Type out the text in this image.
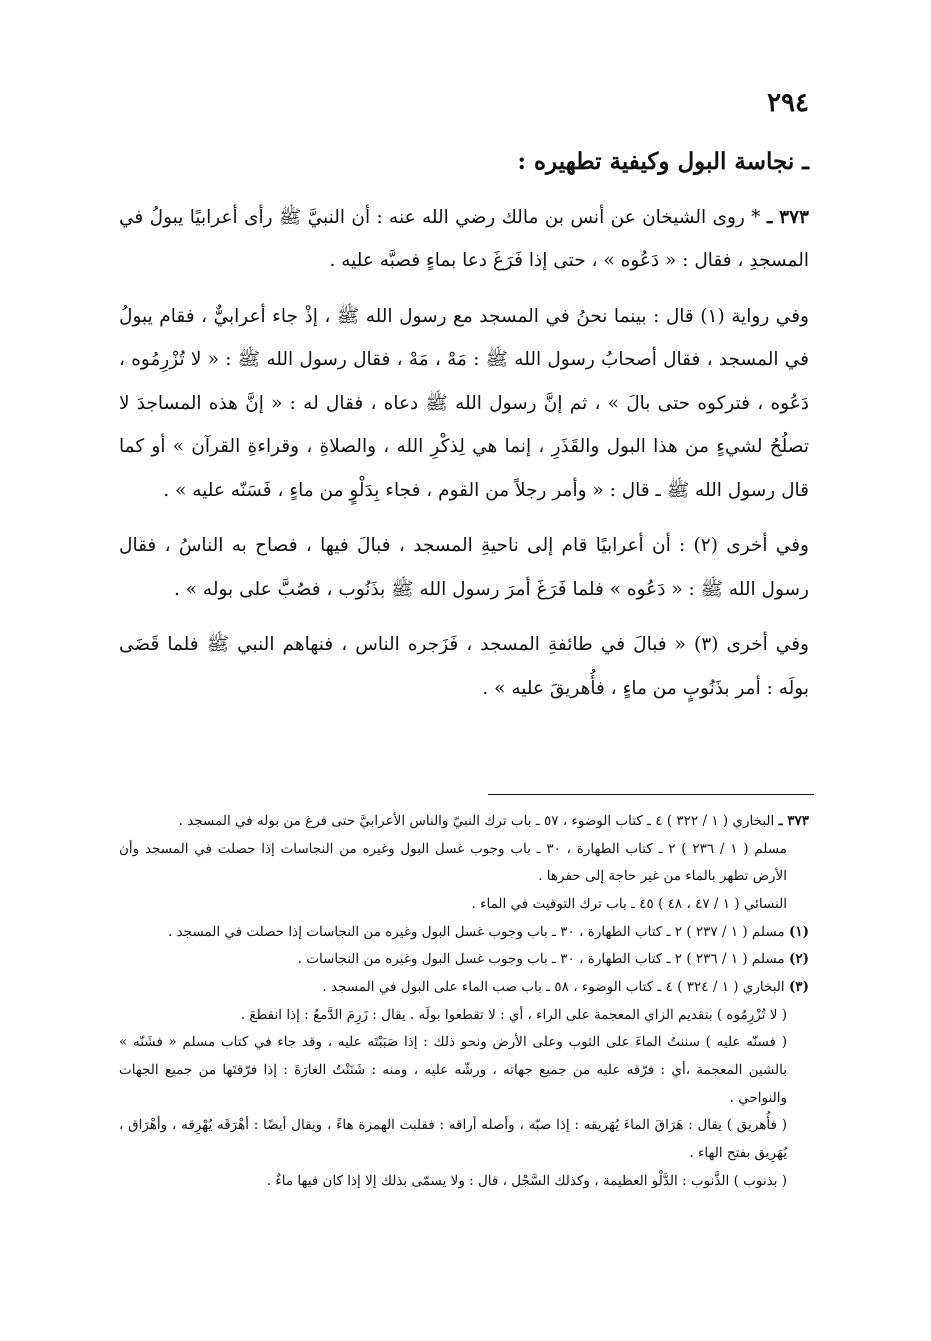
٢٩٤
ـ نجاسة البول وكيفية تطهيره :

٣٧٣ ـ * روى الشيخان عن أنس بن مالك رضي الله عنه : أن النبيَّ ﷺ رأى أعرابيًا يبولُ في المسجدِ ، فقال : « دَعُوه » ، حتى إذا فَرَغَ دعا بماءٍ فصبَّه عليه .

وفي رواية (١) قال : بينما نحنُ في المسجد مع رسول الله ﷺ ، إذْ جاء أعرابيٌّ ، فقام يبولُ في المسجد ، فقال أصحابُ رسول الله ﷺ : مَهْ ، مَهْ ، فقال رسول الله ﷺ : « لا تُزْرِمُوه ، دَعُوه ، فتركوه حتى بالَ » ، ثم إنَّ رسول الله ﷺ دعاه ، فقال له : « إنَّ هذه المساجدَ لا تصلُحُ لشيءٍ من هذا البول والقَذَرِ ، إنما هي لِذكْرِ الله ، والصلاةِ ، وقراءةِ القرآن » أو كما قال رسول الله ﷺ ـ قال : « وأمر رجلاً من القوم ، فجاء بِدَلْوٍ من ماءٍ ، فَسَنّه عليه » .

وفي أخرى (٢) : أن أعرابيًا قام إلى ناحيةِ المسجد ، فبالَ فيها ، فصاح به الناسُ ، فقال رسول الله ﷺ : « دَعُوه » فلما فَرَغَ أمرَ رسول الله ﷺ بذَنُوب ، فصُبَّ على بوله » .

وفي أخرى (٣) « فبالَ في طائفةِ المسجد ، فَزَجره الناس ، فنهاهم النبي ﷺ فلما قَضَى بولَه : أمر بذَنُوبٍ من ماءٍ ، فأُهريقَ عليه » .

٣٧٣ ـ البخاري ( ١ / ٣٢٢ ) ٤ ـ كتاب الوضوء ، ٥٧ ـ باب ترك النبيّ والناس الأعرابيَّ حتى فرغ من بوله في المسجد .

مسلم ( ١ / ٢٣٦ ) ٢ ـ كتاب الطهارة ، ٣٠ ـ باب وجوب غسل البول وغيره من النجاسات إذا حصلت في المسجد وأن الأرض تطهر بالماء من غير حاجة إلى حفرها .

النسائي ( ١ / ٤٧ ، ٤٨ ) ٤٥ ـ باب ترك التوقيت في الماء .

(١) مسلم ( ١ / ٢٣٧ ) ٢ ـ كتاب الطهارة ، ٣٠ ـ باب وجوب غسل البول وغيره من النجاسات إذا حصلت في المسجد .

(٢) مسلم ( ١ / ٢٣٦ ) ٢ ـ كتاب الطهارة ، ٣٠ ـ باب وجوب غسل البول وغيره من النجاسات .

(٣) البخاري ( ١ / ٣٢٤ ) ٤ ـ كتاب الوضوء ، ٥٨ ـ باب صب الماء على البول في المسجد .

( لا تُزْرِمُوه ) بتقديم الزاي المعجمة على الراء ، أي : لا تقطعوا بولَه . يقال : زَرِمَ الدَّمعُ : إذا انقطعَ .

( فسنّه عليه ) سننتُ الماءَ على الثوب وعلى الأرض ونحو ذلك : إذا صَبَبْتَه عليه ، وقد جاء في كتاب مسلم « فشَنّه » بالشين المعجمة ،أي : فرّقه عليه من جميع جهاته ، ورشّه عليه ، ومنه : شَنَنْتُ الغارَةَ : إذا فرّقتَها من جميع الجهات والنواحي .

( فأُهريق ) يقال : هَرَاقَ الماءَ يُهَريقه : إذا صبّه ، وأصله أراقه : فقلبت الهمزة هاءً ، ويقال أيضًا : أهْرَقَه يُهْرِقه ، وأهْرَاق ، يُهَرِيق بفتح الهاء .

( بذنوب ) الذَّنوب : الدَّلْو العظيمة ، وكذلك السَّجْل ، قال : ولا يسمّى بذلك إلا إذا كان فيها ماءٌ .
